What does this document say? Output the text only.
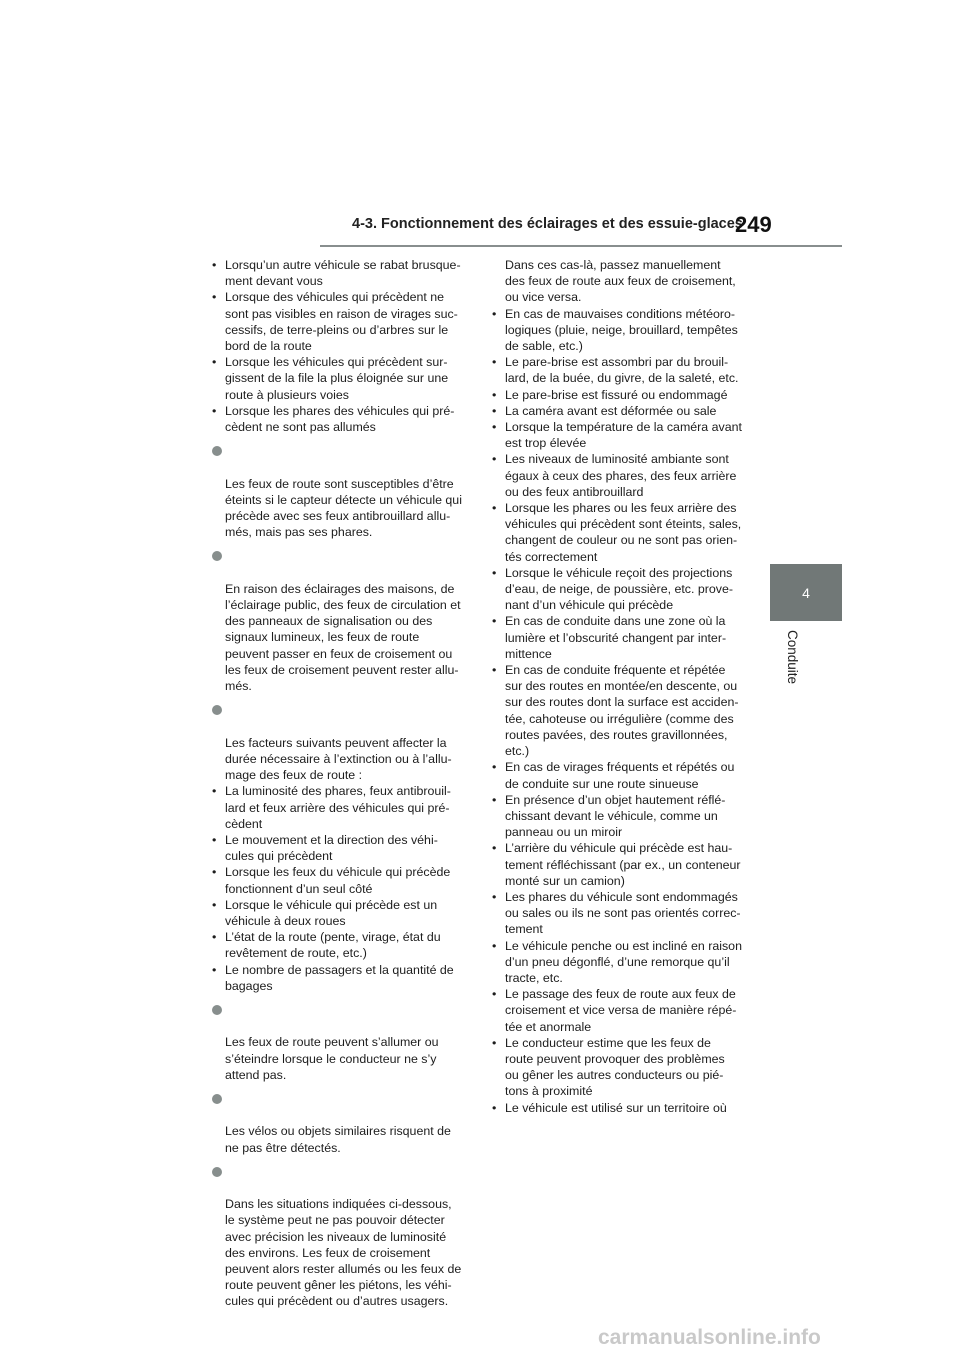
4-3. Fonctionnement des éclairages et des essuie-glaces
249
4
Conduite
• Lorsqu’un autre véhicule se rabat brusque-
ment devant vous
• Lorsque des véhicules qui précèdent ne
sont pas visibles en raison de virages suc-
cessifs, de terre-pleins ou d’arbres sur le
bord de la route
• Lorsque les véhicules qui précèdent sur-
gissent de la file la plus éloignée sur une
route à plusieurs voies
• Lorsque les phares des véhicules qui pré-
cèdent ne sont pas allumés

Les feux de route sont susceptibles d’être
éteints si le capteur détecte un véhicule qui
précède avec ses feux antibrouillard allu-
més, mais pas ses phares.

En raison des éclairages des maisons, de
l’éclairage public, des feux de circulation et
des panneaux de signalisation ou des
signaux lumineux, les feux de route
peuvent passer en feux de croisement ou
les feux de croisement peuvent rester allu-
més.

Les facteurs suivants peuvent affecter la
durée nécessaire à l’extinction ou à l’allu-
mage des feux de route :

• La luminosité des phares, feux antibrouil-
lard et feux arrière des véhicules qui pré-
cèdent
• Le mouvement et la direction des véhi-
cules qui précèdent
• Lorsque les feux du véhicule qui précède
fonctionnent d’un seul côté
• Lorsque le véhicule qui précède est un
véhicule à deux roues
• L’état de la route (pente, virage, état du
revêtement de route, etc.)
• Le nombre de passagers et la quantité de
bagages

Les feux de route peuvent s’allumer ou
s’éteindre lorsque le conducteur ne s’y
attend pas.

Les vélos ou objets similaires risquent de
ne pas être détectés.

Dans les situations indiquées ci-dessous,
le système peut ne pas pouvoir détecter
avec précision les niveaux de luminosité
des environs. Les feux de croisement
peuvent alors rester allumés ou les feux de
route peuvent gêner les piétons, les véhi-
cules qui précèdent ou d’autres usagers.

Dans ces cas-là, passez manuellement
des feux de route aux feux de croisement,
ou vice versa.
• En cas de mauvaises conditions météoro-
logiques (pluie, neige, brouillard, tempêtes
de sable, etc.)
• Le pare-brise est assombri par du brouil-
lard, de la buée, du givre, de la saleté, etc.
• Le pare-brise est fissuré ou endommagé
• La caméra avant est déformée ou sale
• Lorsque la température de la caméra avant
est trop élevée
• Les niveaux de luminosité ambiante sont
égaux à ceux des phares, des feux arrière
ou des feux antibrouillard
• Lorsque les phares ou les feux arrière des
véhicules qui précèdent sont éteints, sales,
changent de couleur ou ne sont pas orien-
tés correctement
• Lorsque le véhicule reçoit des projections
d’eau, de neige, de poussière, etc. prove-
nant d’un véhicule qui précède
• En cas de conduite dans une zone où la
lumière et l’obscurité changent par inter-
mittence
• En cas de conduite fréquente et répétée
sur des routes en montée/en descente, ou
sur des routes dont la surface est acciden-
tée, cahoteuse ou irrégulière (comme des
routes pavées, des routes gravillonnées,
etc.)
• En cas de virages fréquents et répétés ou
de conduite sur une route sinueuse
• En présence d’un objet hautement réflé-
chissant devant le véhicule, comme un
panneau ou un miroir
• L’arrière du véhicule qui précède est hau-
tement réfléchissant (par ex., un conteneur
monté sur un camion)
• Les phares du véhicule sont endommagés
ou sales ou ils ne sont pas orientés correc-
tement
• Le véhicule penche ou est incliné en raison
d’un pneu dégonflé, d’une remorque qu’il
tracte, etc.
• Le passage des feux de route aux feux de
croisement et vice versa de manière répé-
tée et anormale
• Le conducteur estime que les feux de
route peuvent provoquer des problèmes
ou gêner les autres conducteurs ou pié-
tons à proximité
• Le véhicule est utilisé sur un territoire où
carmanualsonline.info
